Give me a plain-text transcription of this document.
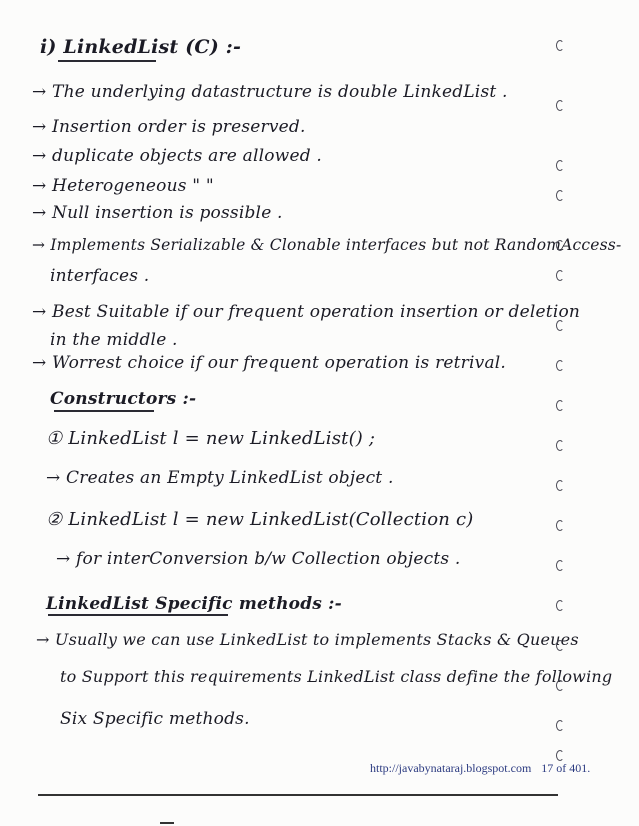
i) LinkedList (C) :-
→ The underlying datastructure is double LinkedList .
→ Insertion order is preserved.
→ duplicate objects are allowed .
→ Heterogeneous " "
→ Null insertion is possible .
→ Implements Serializable & Clonable interfaces but not RandomAccess-
interfaces .
→ Best Suitable if our frequent operation insertion or deletion
in the middle .
→ Worrest choice if our frequent operation is retrival.
Constructors :-
① LinkedList l = new LinkedList() ;
→ Creates an Empty LinkedList object .
② LinkedList l = new LinkedList(Collection c)
→ for interConversion b/w Collection objects .
LinkedList Specific methods :-
→ Usually we can use LinkedList to implements Stacks & Queues
to Support this requirements LinkedList class define the following
Six Specific methods.
http://javabynataraj.blogspot.com 17 of 401.
